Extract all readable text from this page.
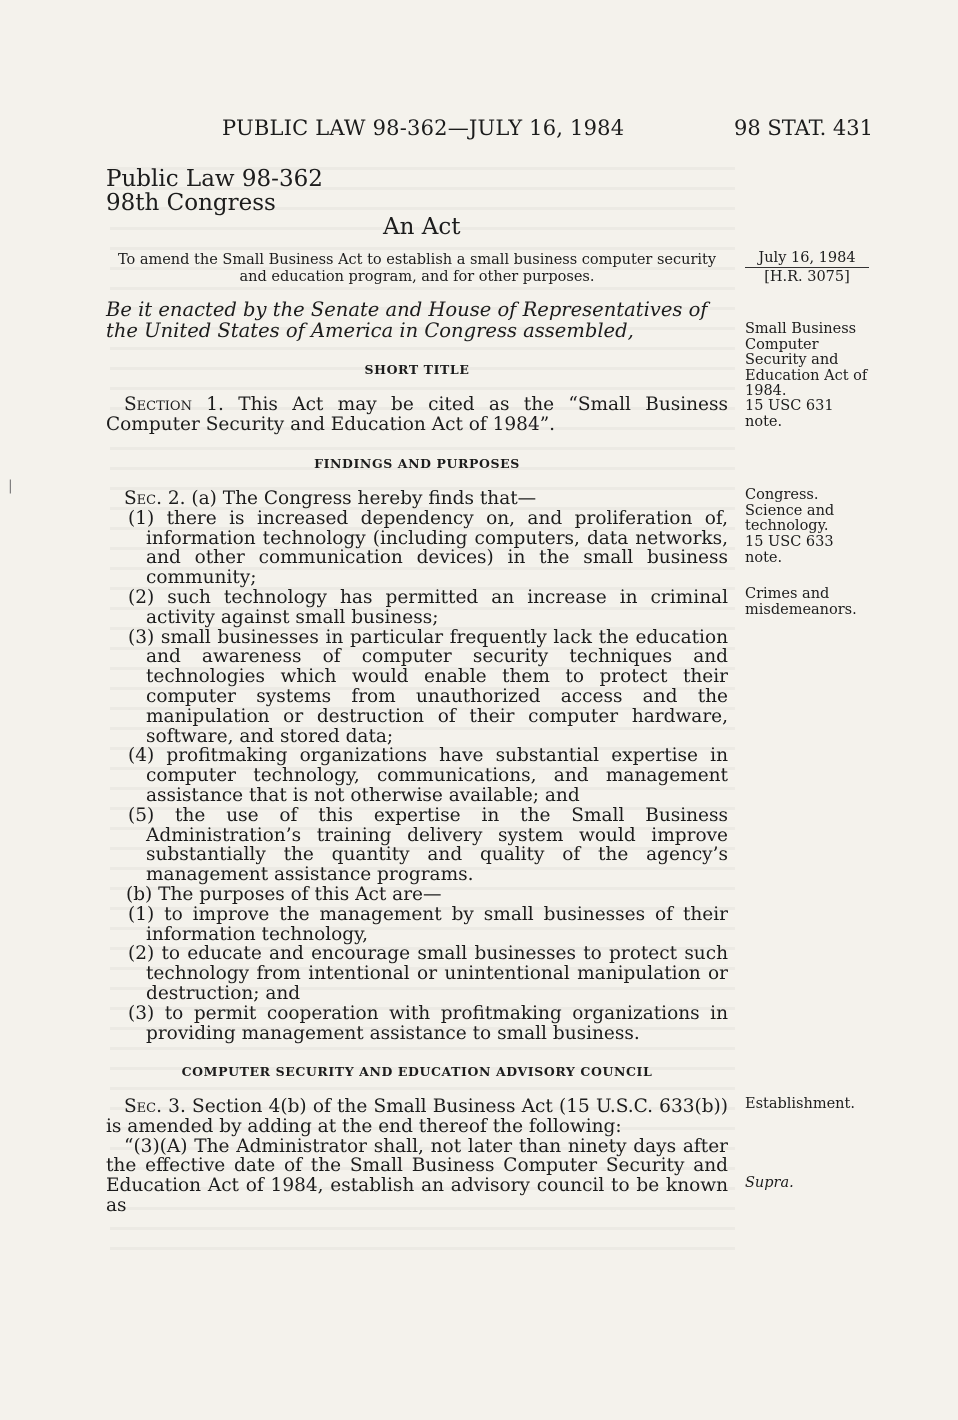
PUBLIC LAW 98-362—JULY 16, 1984	98 STAT. 431
Public Law 98-362
98th Congress
An Act
To amend the Small Business Act to establish a small business computer security and education program, and for other purposes.
July 16, 1984
[H.R. 3075]
Be it enacted by the Senate and House of Representatives of the United States of America in Congress assembled,
SHORT TITLE
Section 1. This Act may be cited as the “Small Business Computer Security and Education Act of 1984”.
Small Business Computer Security and Education Act of 1984.
15 USC 631 note.
FINDINGS AND PURPOSES
Sec. 2. (a) The Congress hereby finds that—
(1) there is increased dependency on, and proliferation of, information technology (including computers, data networks, and other communication devices) in the small business community;
(2) such technology has permitted an increase in criminal activity against small business;
(3) small businesses in particular frequently lack the education and awareness of computer security techniques and technologies which would enable them to protect their computer systems from unauthorized access and the manipulation or destruction of their computer hardware, software, and stored data;
(4) profitmaking organizations have substantial expertise in computer technology, communications, and management assistance that is not otherwise available; and
(5) the use of this expertise in the Small Business Administration’s training delivery system would improve substantially the quantity and quality of the agency’s management assistance programs.
(b) The purposes of this Act are—
(1) to improve the management by small businesses of their information technology,
(2) to educate and encourage small businesses to protect such technology from intentional or unintentional manipulation or destruction; and
(3) to permit cooperation with profitmaking organizations in providing management assistance to small business.
Congress. Science and technology.
15 USC 633 note.
Crimes and misdemeanors.
COMPUTER SECURITY AND EDUCATION ADVISORY COUNCIL
Sec. 3. Section 4(b) of the Small Business Act (15 U.S.C. 633(b)) is amended by adding at the end thereof the following:
“(3)(A) The Administrator shall, not later than ninety days after the effective date of the Small Business Computer Security and Education Act of 1984, establish an advisory council to be known as
Establishment.
Supra.
|
